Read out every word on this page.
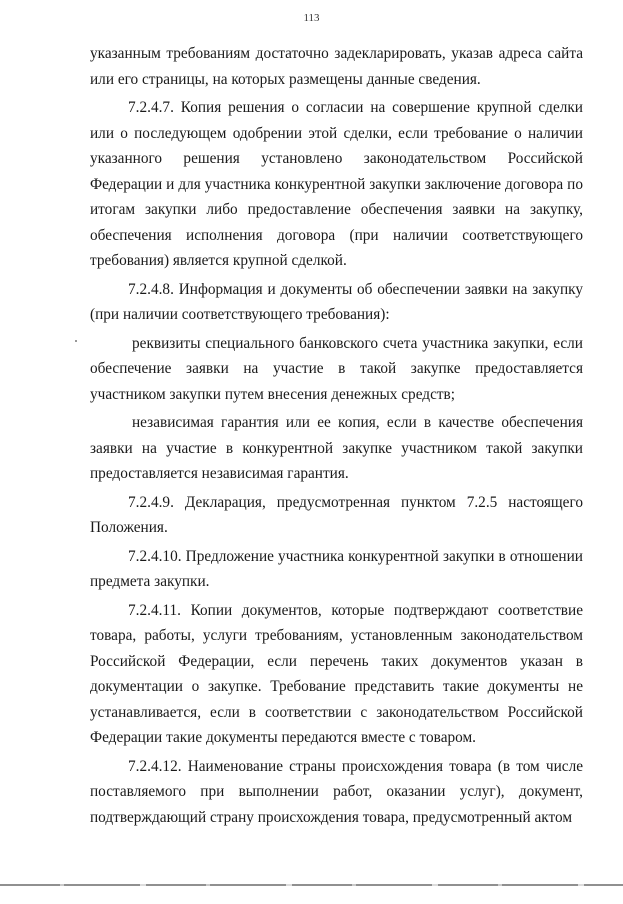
113

указанным требованиям достаточно задекларировать, указав адреса сайта или его страницы, на которых размещены данные сведения.

7.2.4.7. Копия решения о согласии на совершение крупной сделки или о последующем одобрении этой сделки, если требование о наличии указанного решения установлено законодательством Российской Федерации и для участника конкурентной закупки заключение договора по итогам закупки либо предоставление обеспечения заявки на закупку, обеспечения исполнения договора (при наличии соответствующего требования) является крупной сделкой.

7.2.4.8. Информация и документы об обеспечении заявки на закупку (при наличии соответствующего требования):

реквизиты специального банковского счета участника закупки, если обеспечение заявки на участие в такой закупке предоставляется участником закупки путем внесения денежных средств;

независимая гарантия или ее копия, если в качестве обеспечения заявки на участие в конкурентной закупке участником такой закупки предоставляется независимая гарантия.

7.2.4.9. Декларация, предусмотренная пунктом 7.2.5 настоящего Положения.

7.2.4.10. Предложение участника конкурентной закупки в отношении предмета закупки.

7.2.4.11. Копии документов, которые подтверждают соответствие товара, работы, услуги требованиям, установленным законодательством Российской Федерации, если перечень таких документов указан в документации о закупке. Требование представить такие документы не устанавливается, если в соответствии с законодательством Российской Федерации такие документы передаются вместе с товаром.

7.2.4.12. Наименование страны происхождения товара (в том числе поставляемого при выполнении работ, оказании услуг), документ, подтверждающий страну происхождения товара, предусмотренный актом
